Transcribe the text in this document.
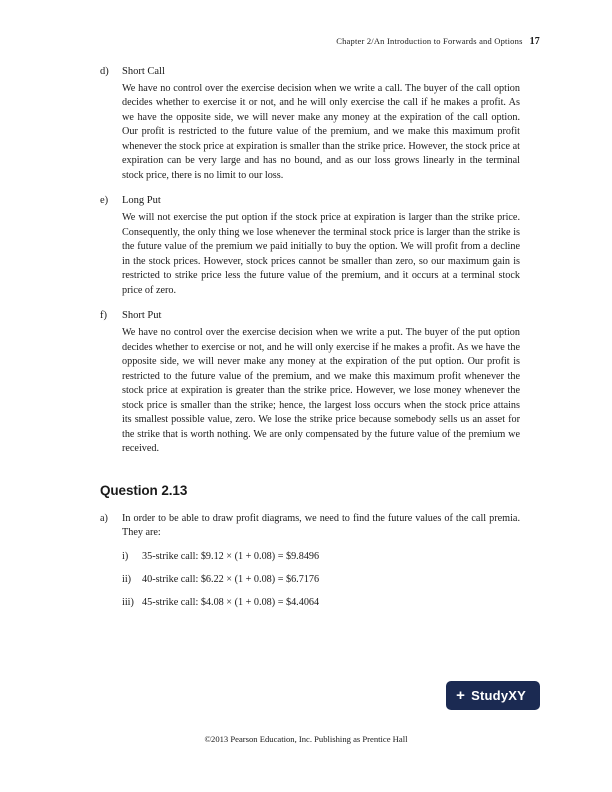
Chapter 2/An Introduction to Forwards and Options 17
d)	Short Call
We have no control over the exercise decision when we write a call. The buyer of the call option decides whether to exercise it or not, and he will only exercise the call if he makes a profit. As we have the opposite side, we will never make any money at the expiration of the call option. Our profit is restricted to the future value of the premium, and we make this maximum profit whenever the stock price at expiration is smaller than the strike price. However, the stock price at expiration can be very large and has no bound, and as our loss grows linearly in the terminal stock price, there is no limit to our loss.
e)	Long Put
We will not exercise the put option if the stock price at expiration is larger than the strike price. Consequently, the only thing we lose whenever the terminal stock price is larger than the strike is the future value of the premium we paid initially to buy the option. We will profit from a decline in the stock prices. However, stock prices cannot be smaller than zero, so our maximum gain is restricted to strike price less the future value of the premium, and it occurs at a terminal stock price of zero.
f)	Short Put
We have no control over the exercise decision when we write a put. The buyer of the put option decides whether to exercise or not, and he will only exercise if he makes a profit. As we have the opposite side, we will never make any money at the expiration of the put option. Our profit is restricted to the future value of the premium, and we make this maximum profit whenever the stock price at expiration is greater than the strike price. However, we lose money whenever the stock price is smaller than the strike; hence, the largest loss occurs when the stock price attains its smallest possible value, zero. We lose the strike price because somebody sells us an asset for the strike that is worth nothing. We are only compensated by the future value of the premium we received.
Question 2.13
a)	In order to be able to draw profit diagrams, we need to find the future values of the call premia. They are:
i)	35-strike call: $9.12 × (1 + 0.08) = $9.8496
ii)	40-strike call: $6.22 × (1 + 0.08) = $6.7176
iii) 45-strike call: $4.08 × (1 + 0.08) = $4.4064
+ StudyXY
©2013 Pearson Education, Inc. Publishing as Prentice Hall
